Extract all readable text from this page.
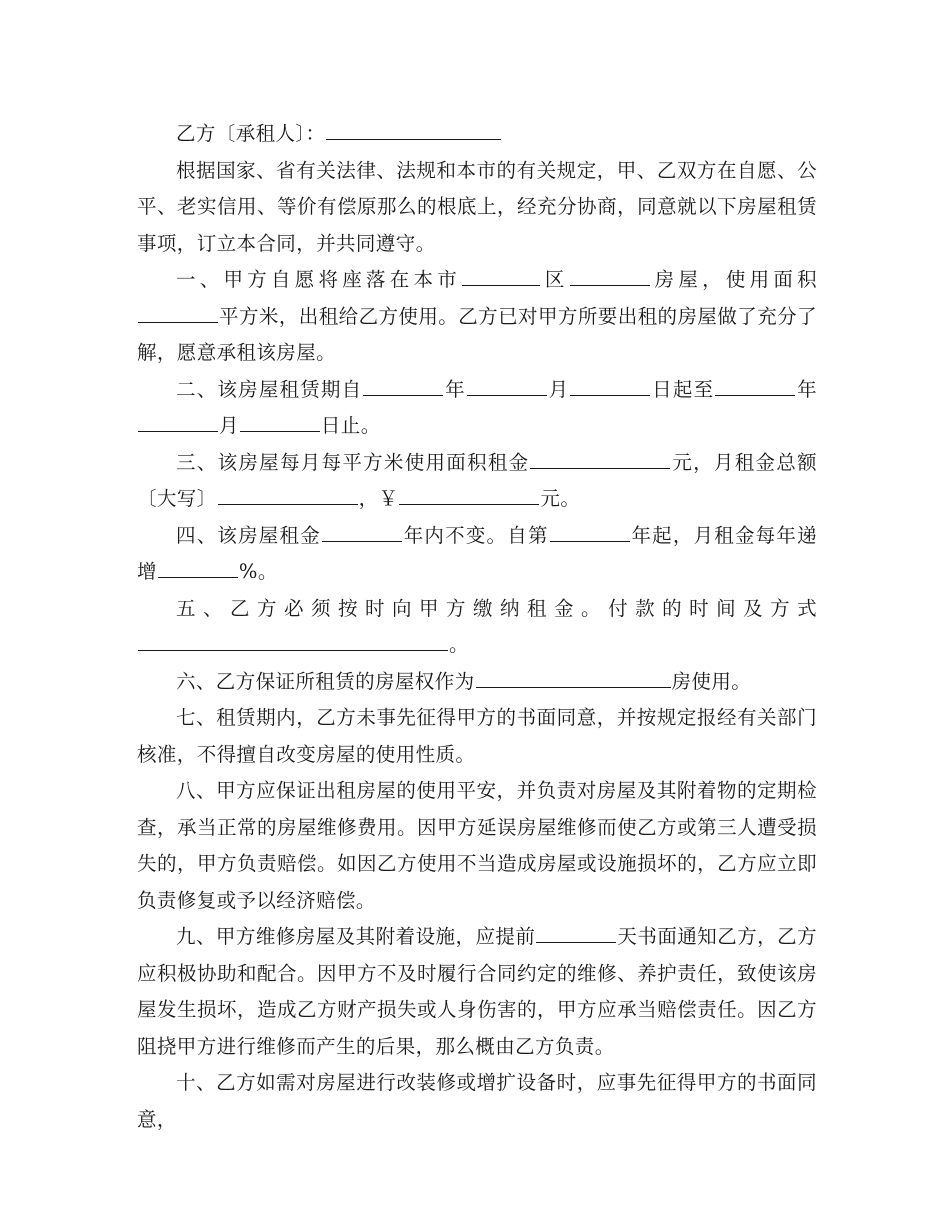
乙方〔承租人〕：

根据国家、省有关法律、法规和本市的有关规定，甲、乙双方在自愿、公平、老实信用、等价有偿原那么的根底上，经充分协商，同意就以下房屋租赁事项，订立本合同，并共同遵守。

一、甲方自愿将座落在本市	区	房屋，使用面积平方米，出租给乙方使用。乙方已对甲方所要出租的房屋做了充分了解，愿意承租该房屋。

二、该房屋租赁期自	年	月	日起至	年月	日止。

三、该房屋每月每平方米使用面积租金	元，月租金总额〔大写〕	，￥	元。

四、该房屋租金	年内不变。自第	年起，月租金每年递增	%。

五、乙方必须按时向甲方缴纳租金。付款的时间及方式。

六、乙方保证所租赁的房屋权作为	房使用。

七、租赁期内，乙方未事先征得甲方的书面同意，并按规定报经有关部门核准，不得擅自改变房屋的使用性质。

八、甲方应保证出租房屋的使用平安，并负责对房屋及其附着物的定期检查，承当正常的房屋维修费用。因甲方延误房屋维修而使乙方或第三人遭受损失的，甲方负责赔偿。如因乙方使用不当造成房屋或设施损坏的，乙方应立即负责修复或予以经济赔偿。

九、甲方维修房屋及其附着设施，应提前	天书面通知乙方，乙方应积极协助和配合。因甲方不及时履行合同约定的维修、养护责任，致使该房屋发生损坏，造成乙方财产损失或人身伤害的，甲方应承当赔偿责任。因乙方阻挠甲方进行维修而产生的后果，那么概由乙方负责。

十、乙方如需对房屋进行改装修或增扩设备时，应事先征得甲方的书面同意，
